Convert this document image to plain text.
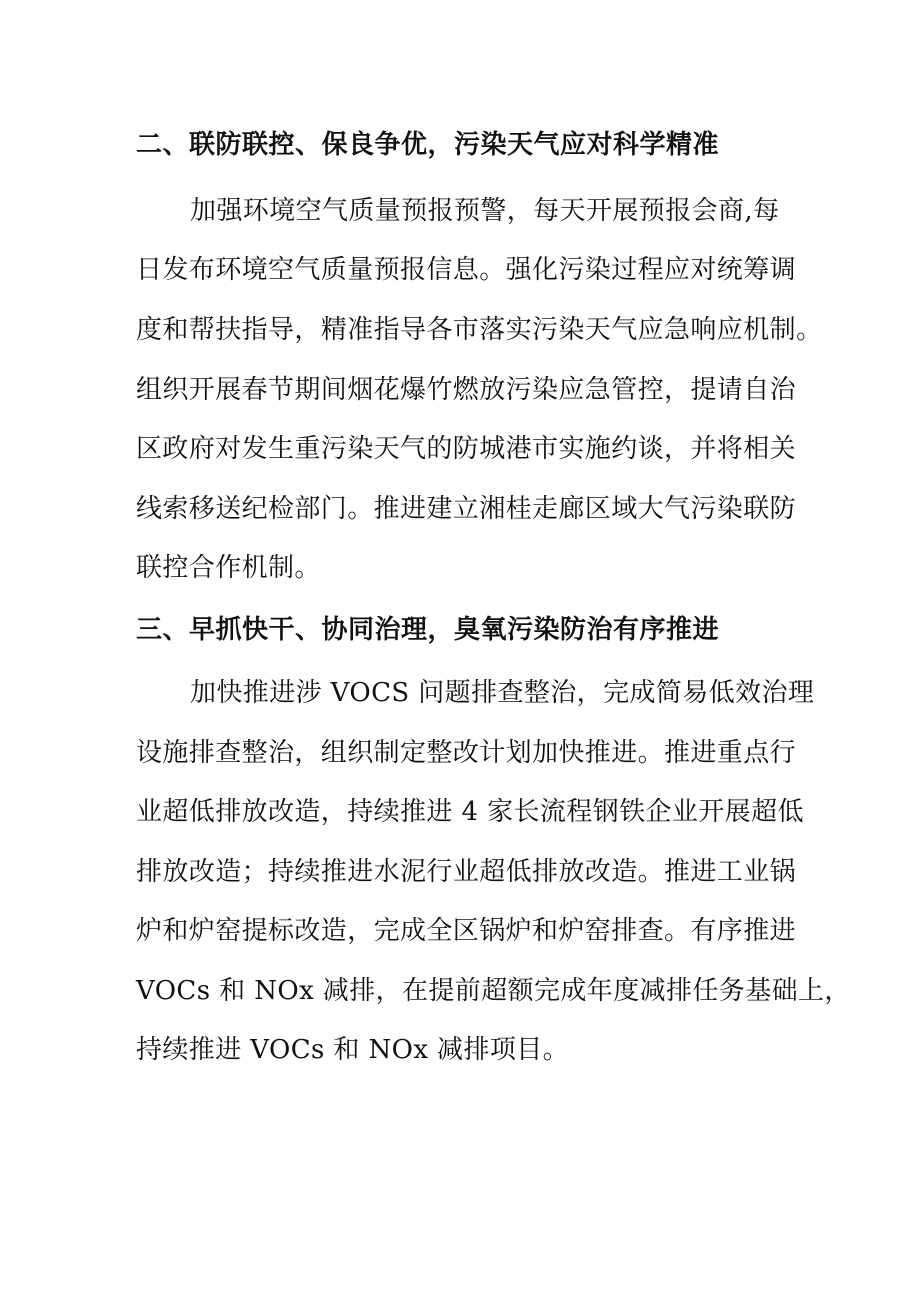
二、联防联控、保良争优，污染天气应对科学精准

加强环境空气质量预报预警，每天开展预报会商,每

日发布环境空气质量预报信息。强化污染过程应对统筹调

度和帮扶指导，精准指导各市落实污染天气应急响应机制。

组织开展春节期间烟花爆竹燃放污染应急管控，提请自治

区政府对发生重污染天气的防城港市实施约谈，并将相关

线索移送纪检部门。推进建立湘桂走廊区域大气污染联防

联控合作机制。

三、早抓快干、协同治理，臭氧污染防治有序推进

加快推进涉 VOCS 问题排查整治，完成简易低效治理

设施排查整治，组织制定整改计划加快推进。推进重点行

业超低排放改造，持续推进 4 家长流程钢铁企业开展超低

排放改造；持续推进水泥行业超低排放改造。推进工业锅

炉和炉窑提标改造，完成全区锅炉和炉窑排查。有序推进

VOCs 和 NOx 减排，在提前超额完成年度减排任务基础上，

持续推进 VOCs 和 NOx 减排项目。
